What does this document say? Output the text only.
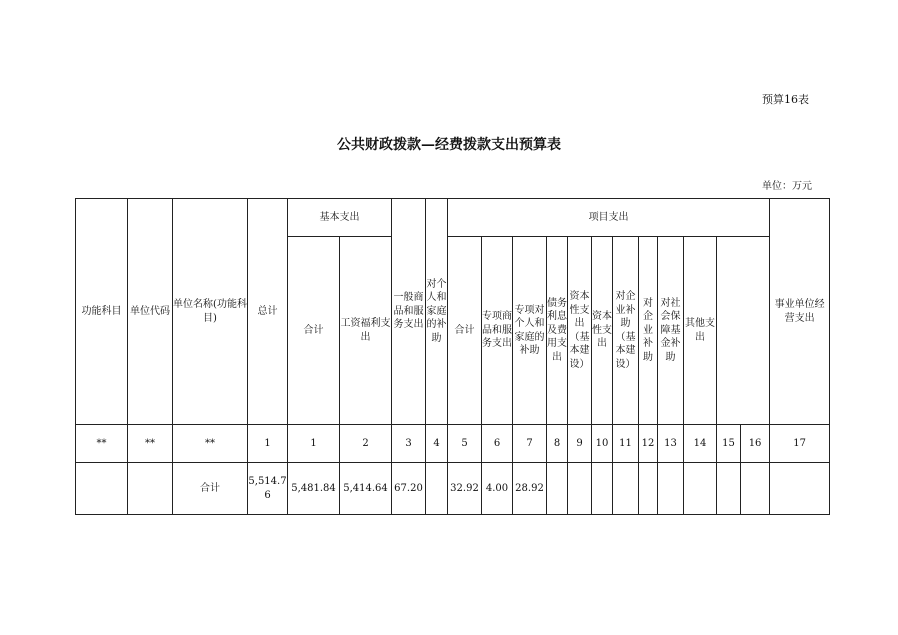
预算16表
公共财政拨款—经费拨款支出预算表
单位：万元
功能科目	单位代码	单位名称(功能科目)	总计	基本支出		一般商品和服务支出	对个人和家庭的补助	项目支出												事业单位经营支出		
				合计	工资福利支出			合计	专项商品和服务支出	专项对个人和家庭的补助	债务利息及费用支出	资本性支出（基本建设）	资本性支出	对企业补助（基本建设）	对企业补助	对社会保障基金补助	其他支出				
**	**	**	1	1	2	3	4	5	6	7	8	9	10	11	12	13	14	15	16	17	
		合计	5,514.76	5,481.84	5,414.64	67.20		32.92	4.00	28.92											
